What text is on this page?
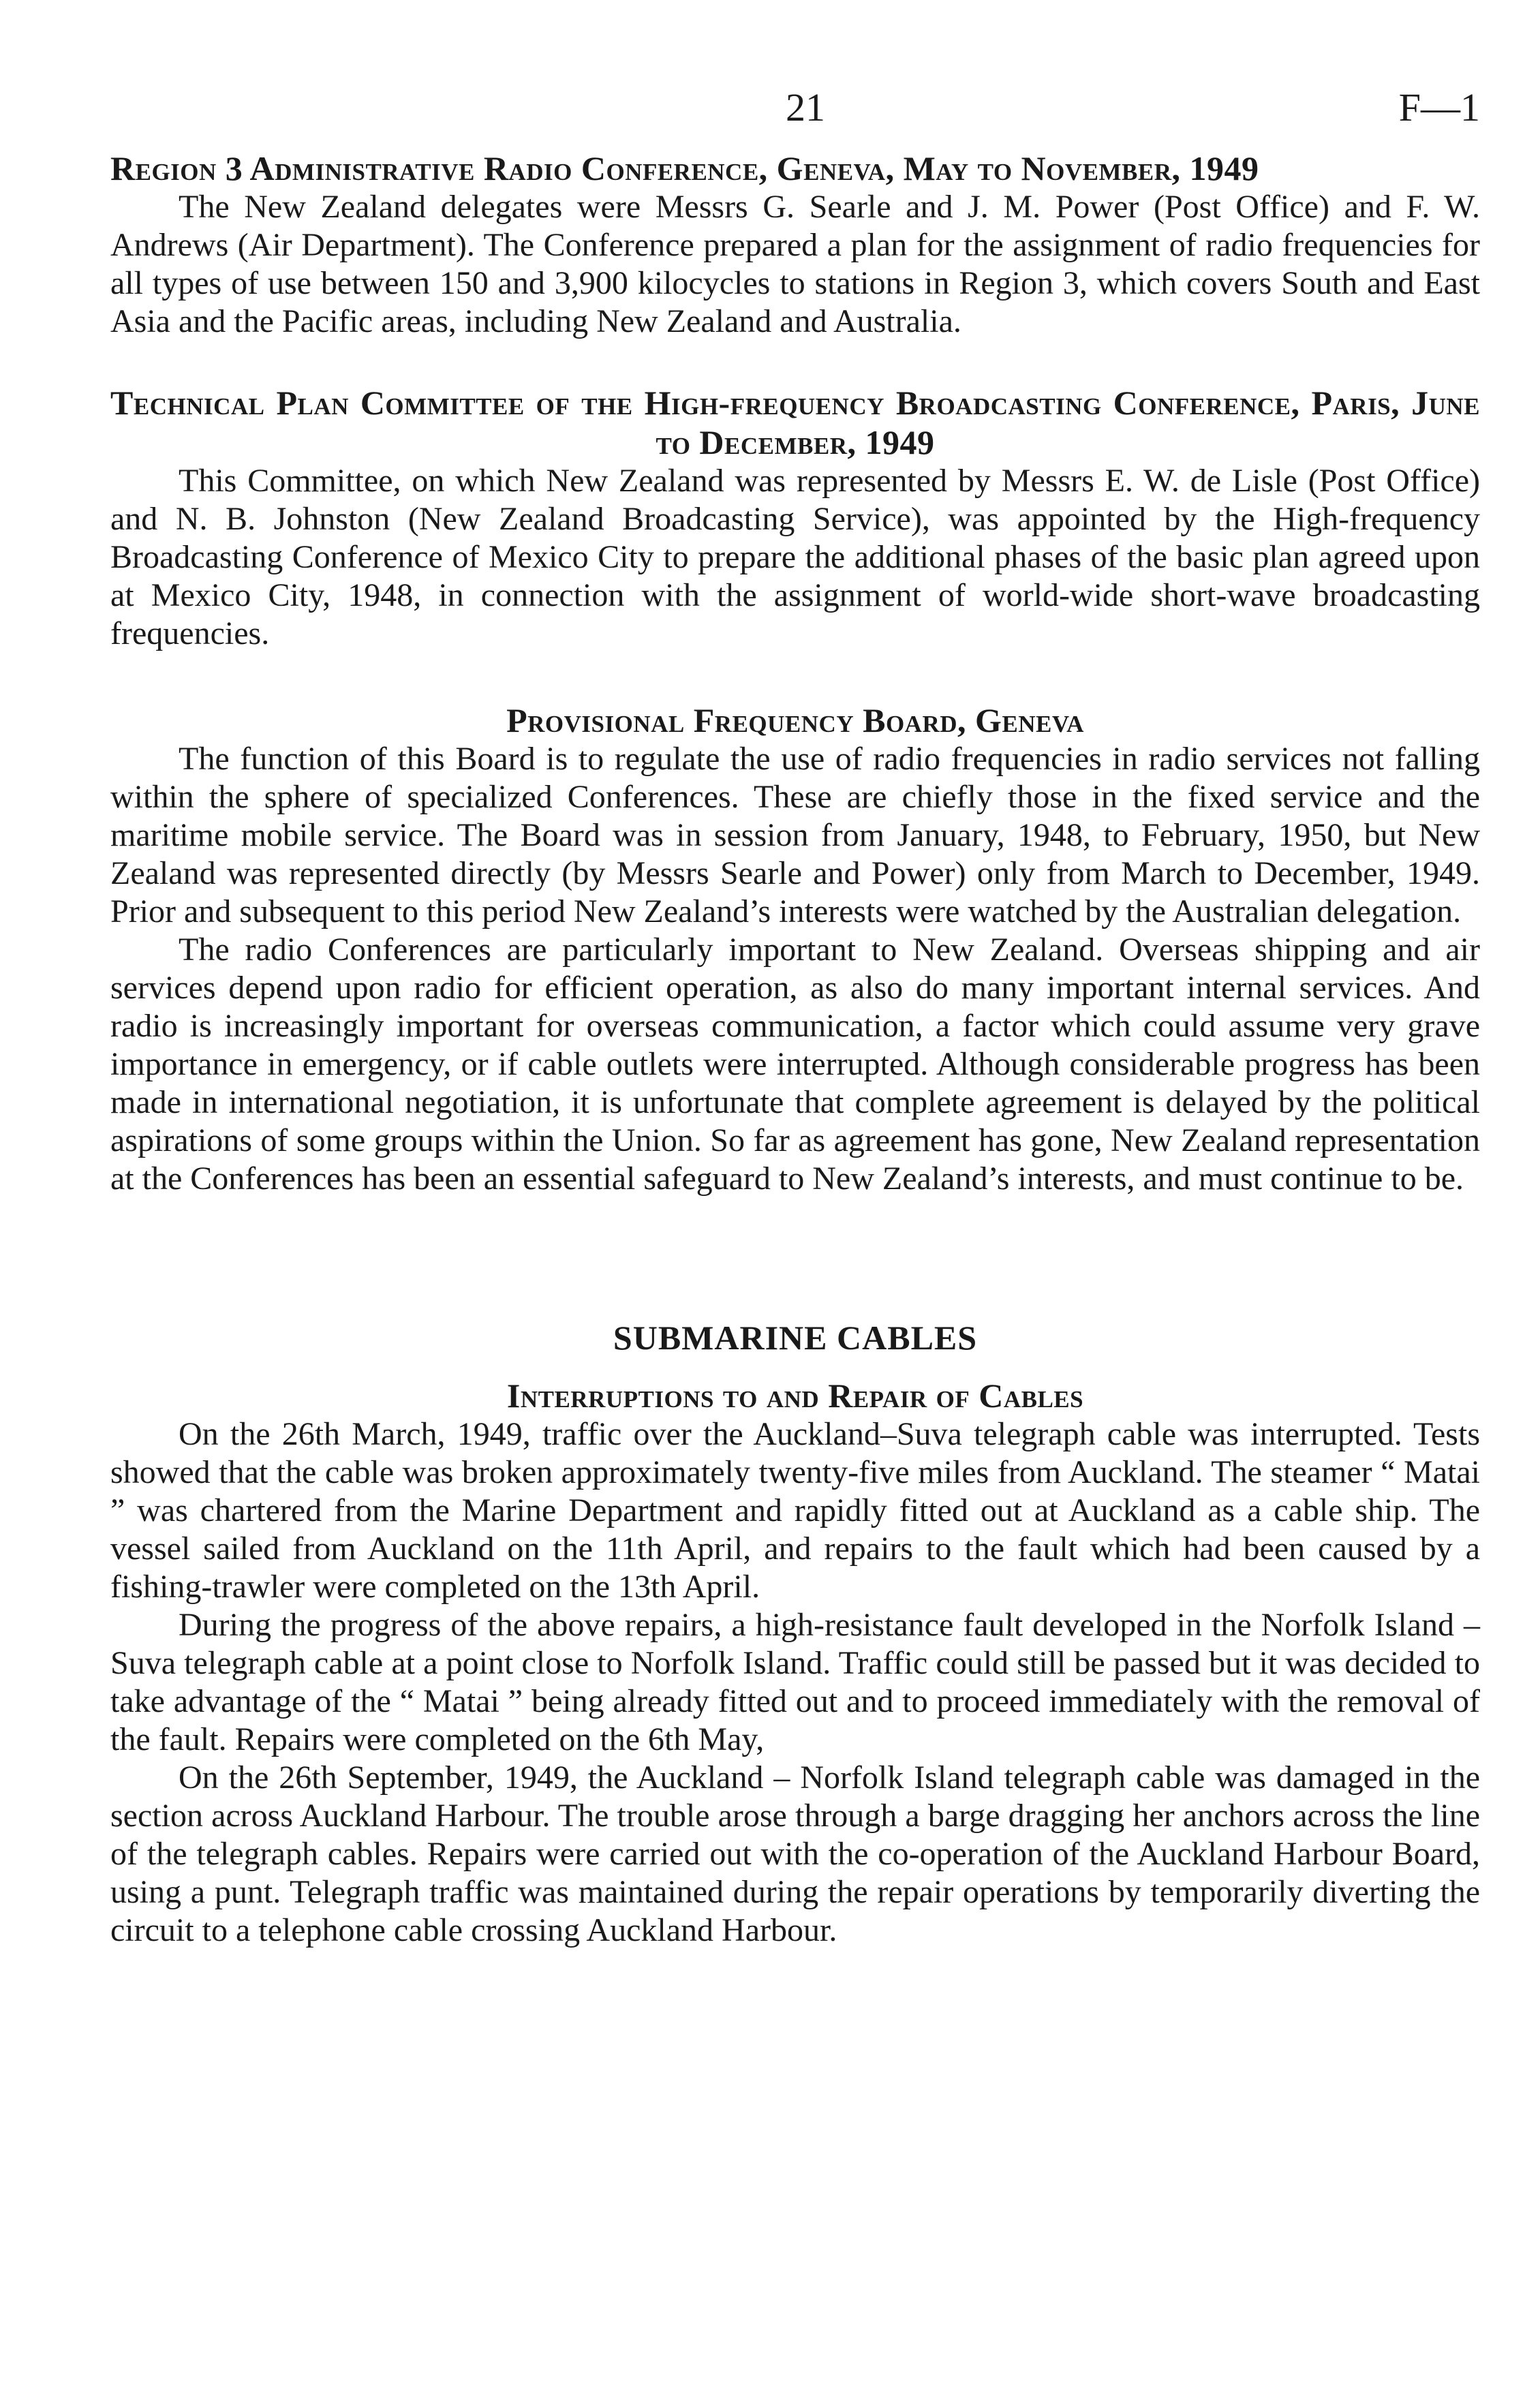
21	F—1
Region 3 Administrative Radio Conference, Geneva, May to November, 1949

The New Zealand delegates were Messrs G. Searle and J. M. Power (Post Office) and F. W. Andrews (Air Department). The Conference prepared a plan for the assignment of radio frequencies for all types of use between 150 and 3,900 kilocycles to stations in Region 3, which covers South and East Asia and the Pacific areas, including New Zealand and Australia.

Technical Plan Committee of the High-frequency Broadcasting Conference, Paris, June to December, 1949

This Committee, on which New Zealand was represented by Messrs E. W. de Lisle (Post Office) and N. B. Johnston (New Zealand Broadcasting Service), was appointed by the High-frequency Broadcasting Conference of Mexico City to prepare the additional phases of the basic plan agreed upon at Mexico City, 1948, in connection with the assignment of world-wide short-wave broadcasting frequencies.

Provisional Frequency Board, Geneva

The function of this Board is to regulate the use of radio frequencies in radio services not falling within the sphere of specialized Conferences. These are chiefly those in the fixed service and the maritime mobile service. The Board was in session from January, 1948, to February, 1950, but New Zealand was represented directly (by Messrs Searle and Power) only from March to December, 1949. Prior and subsequent to this period New Zealand’s interests were watched by the Australian delegation.

The radio Conferences are particularly important to New Zealand. Overseas shipping and air services depend upon radio for efficient operation, as also do many important internal services. And radio is increasingly important for overseas communication, a factor which could assume very grave importance in emergency, or if cable outlets were interrupted. Although considerable progress has been made in international negotiation, it is unfortunate that complete agreement is delayed by the political aspirations of some groups within the Union. So far as agreement has gone, New Zealand representation at the Conferences has been an essential safeguard to New Zealand’s interests, and must continue to be.

SUBMARINE CABLES
Interruptions to and Repair of Cables

On the 26th March, 1949, traffic over the Auckland–Suva telegraph cable was interrupted. Tests showed that the cable was broken approximately twenty-five miles from Auckland. The steamer “ Matai ” was chartered from the Marine Department and rapidly fitted out at Auckland as a cable ship. The vessel sailed from Auckland on the 11th April, and repairs to the fault which had been caused by a fishing-trawler were completed on the 13th April.

During the progress of the above repairs, a high-resistance fault developed in the Norfolk Island – Suva telegraph cable at a point close to Norfolk Island. Traffic could still be passed but it was decided to take advantage of the “ Matai ” being already fitted out and to proceed immediately with the removal of the fault. Repairs were completed on the 6th May,

On the 26th September, 1949, the Auckland – Norfolk Island telegraph cable was damaged in the section across Auckland Harbour. The trouble arose through a barge dragging her anchors across the line of the telegraph cables. Repairs were carried out with the co-operation of the Auckland Harbour Board, using a punt. Telegraph traffic was maintained during the repair operations by temporarily diverting the circuit to a telephone cable crossing Auckland Harbour.
